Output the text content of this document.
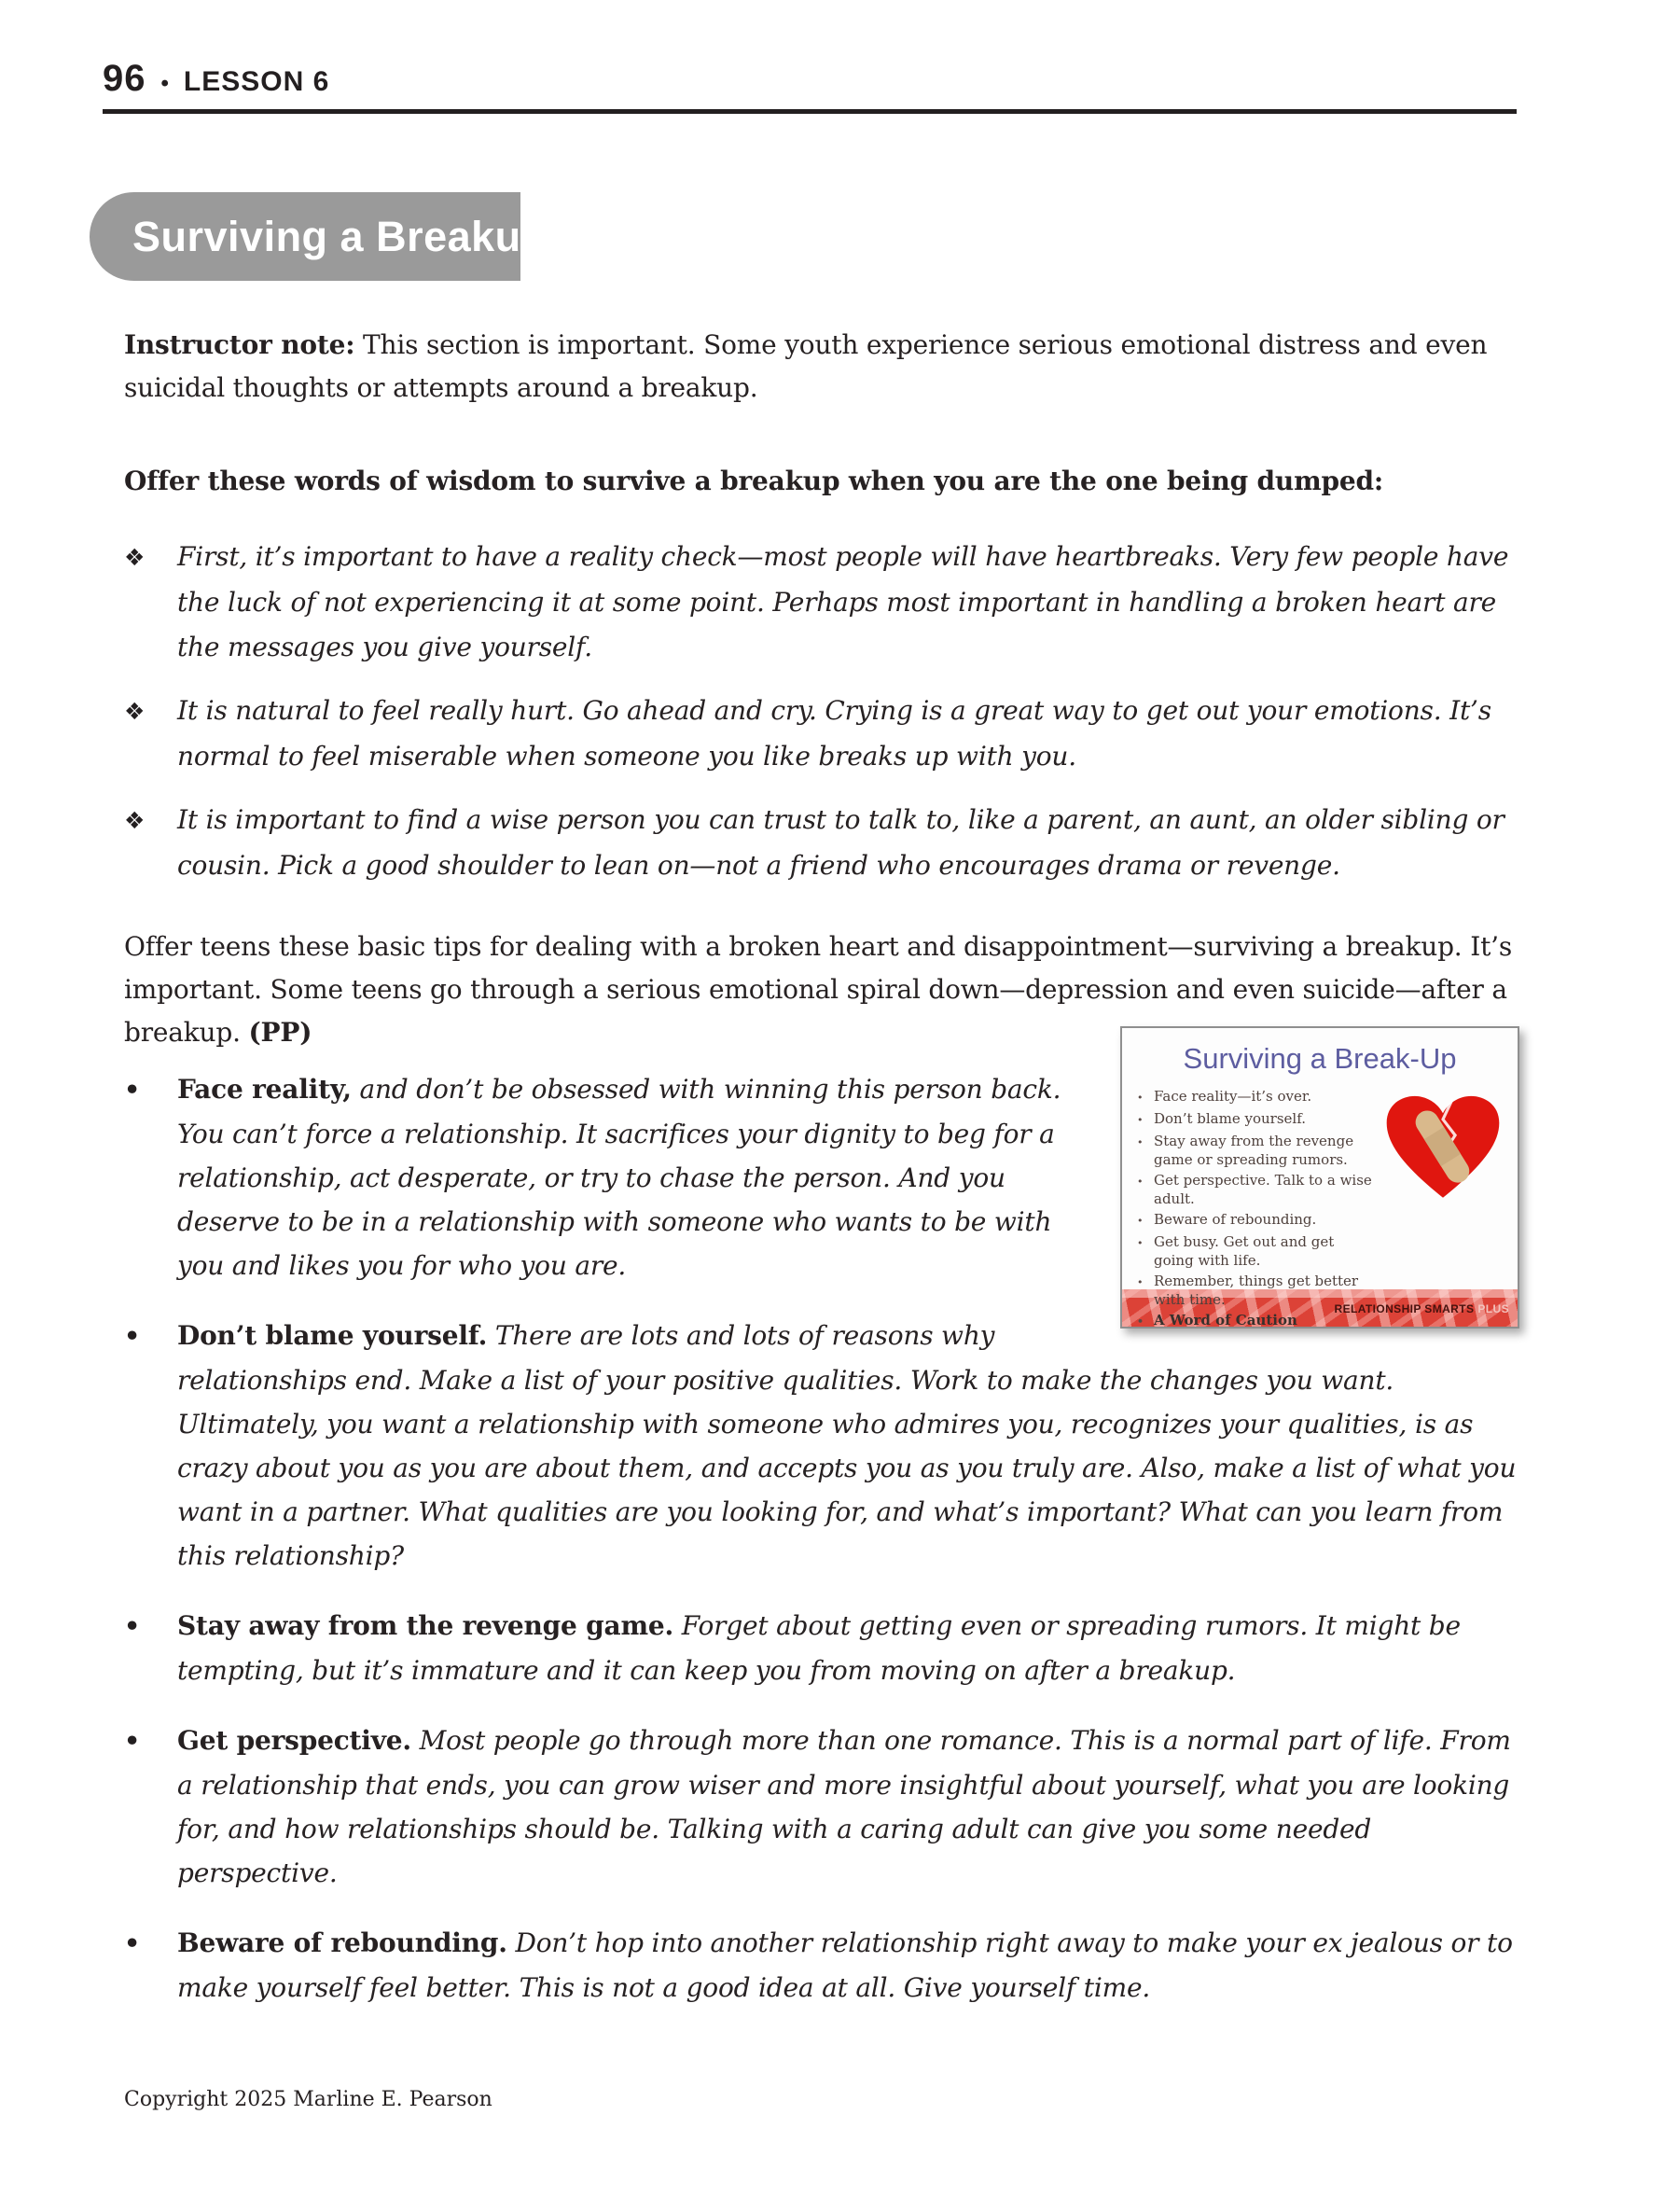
96 • LESSON 6
Surviving a Breakup

Instructor note: This section is important. Some youth experience serious emotional distress and even suicidal thoughts or attempts around a breakup.

Offer these words of wisdom to survive a breakup when you are the one being dumped:

❖ First, it’s important to have a reality check—most people will have heartbreaks. Very few people have the luck of not experiencing it at some point. Perhaps most important in handling a broken heart are the messages you give yourself.
❖ It is natural to feel really hurt. Go ahead and cry. Crying is a great way to get out your emotions. It’s normal to feel miserable when someone you like breaks up with you.
❖ It is important to find a wise person you can trust to talk to, like a parent, an aunt, an older sibling or cousin. Pick a good shoulder to lean on—not a friend who encourages drama or revenge.

Offer teens these basic tips for dealing with a broken heart and disappointment—surviving a breakup. It’s important. Some teens go through a serious emotional spiral down—depression and even suicide—after a breakup. (PP)

Surviving a Break-Up
• Face reality—it’s over.
• Don’t blame yourself.
• Stay away from the revenge game or spreading rumors.
• Get perspective. Talk to a wise adult.
• Beware of rebounding.
• Get busy. Get out and get going with life.
• Remember, things get better with time.
• A Word of Caution
RELATIONSHIP SMARTS PLUS
• Face reality, and don’t be obsessed with winning this person back. You can’t force a relationship. It sacrifices your dignity to beg for a relationship, act desperate, or try to chase the person. And you deserve to be in a relationship with someone who wants to be with you and likes you for who you are.
• Don’t blame yourself. There are lots and lots of reasons why relationships end. Make a list of your positive qualities. Work to make the changes you want. Ultimately, you want a relationship with someone who admires you, recognizes your qualities, is as crazy about you as you are about them, and accepts you as you truly are. Also, make a list of what you want in a partner. What qualities are you looking for, and what’s important? What can you learn from this relationship?
• Stay away from the revenge game. Forget about getting even or spreading rumors. It might be tempting, but it’s immature and it can keep you from moving on after a breakup.
• Get perspective. Most people go through more than one romance. This is a normal part of life. From a relationship that ends, you can grow wiser and more insightful about yourself, what you are looking for, and how relationships should be. Talking with a caring adult can give you some needed perspective.
• Beware of rebounding. Don’t hop into another relationship right away to make your ex jealous or to make yourself feel better. This is not a good idea at all. Give yourself time.
Copyright 2025 Marline E. Pearson
